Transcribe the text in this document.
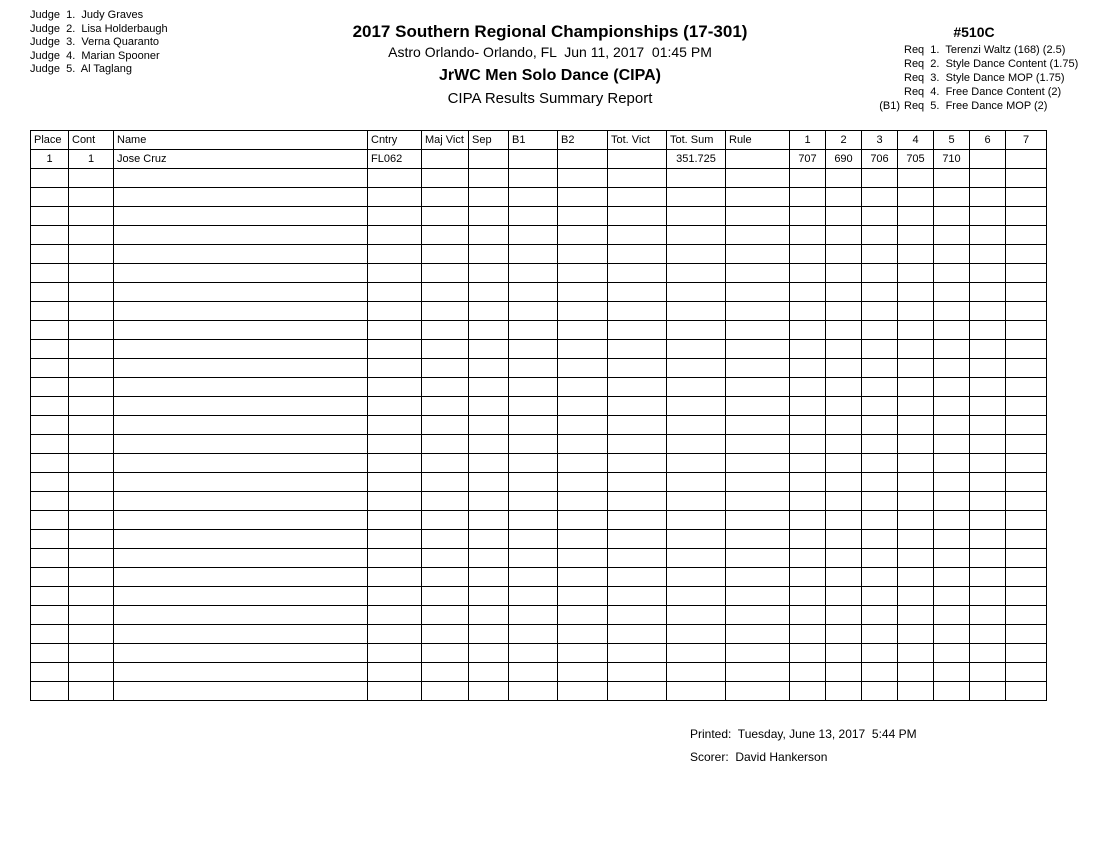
Judge  1.  Judy Graves
Judge  2.  Lisa Holderbaugh
Judge  3.  Verna Quaranto
Judge  4.  Marian Spooner
Judge  5.  Al Taglang
2017 Southern Regional Championships (17-301)
Astro Orlando- Orlando, FL  Jun 11, 2017  01:45 PM
JrWC Men Solo Dance (CIPA)
CIPA Results Summary Report
#510C
Req  1.  Terenzi Waltz (168) (2.5)
Req  2.  Style Dance Content (1.75)
Req  3.  Style Dance MOP (1.75)
Req  4.  Free Dance Content (2)
(B1) Req  5.  Free Dance MOP (2)
Place	Cont	Name	Cntry	Maj Vict	Sep	B1	B2	Tot. Vict	Tot. Sum	Rule	1	2	3	4	5	6	7
1	1	Jose Cruz	FL062						351.725		707	690	706	705	710		

Printed:  Tuesday, June 13, 2017  5:44 PM
Scorer:  David Hankerson
